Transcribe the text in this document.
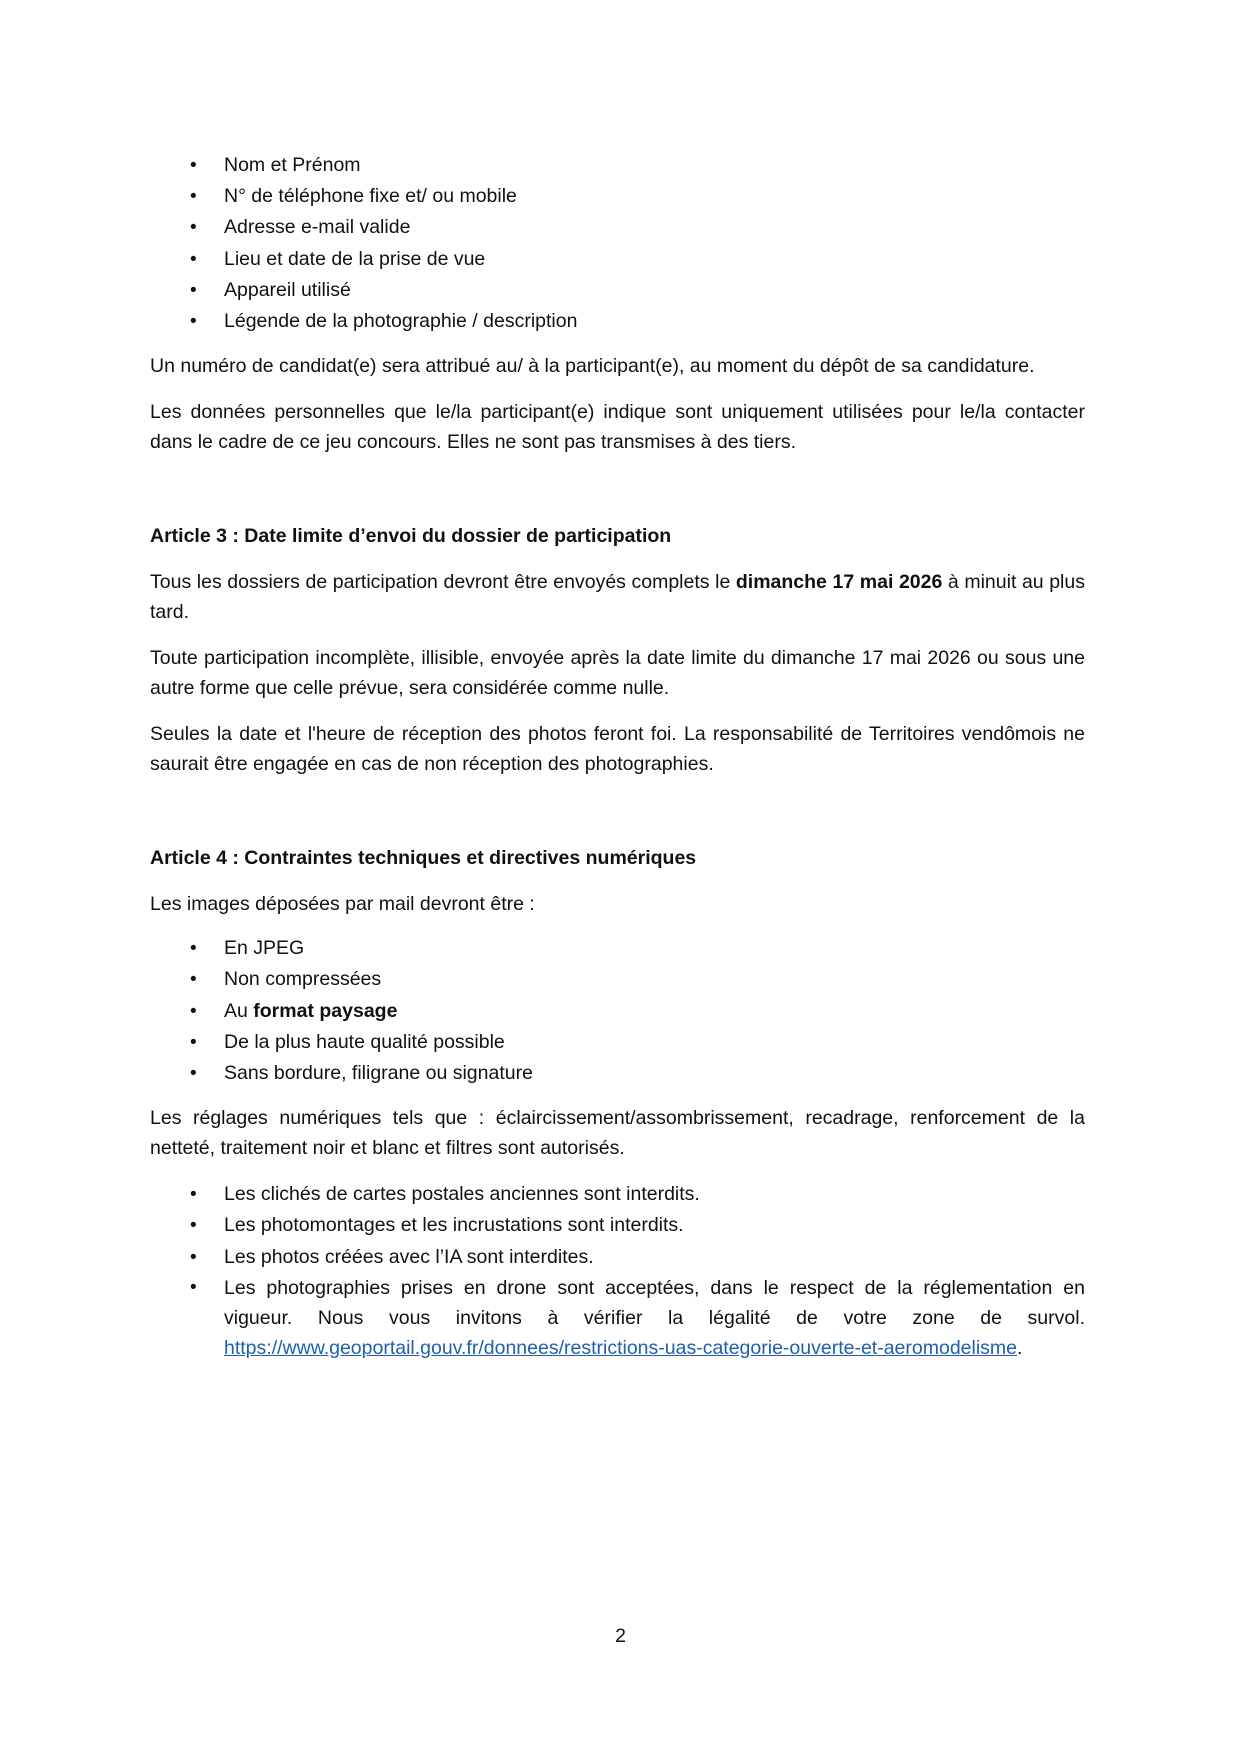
• Nom et Prénom
• N° de téléphone fixe et/ ou mobile
• Adresse e-mail valide
• Lieu et date de la prise de vue
• Appareil utilisé
• Légende de la photographie / description

Un numéro de candidat(e) sera attribué au/ à la participant(e), au moment du dépôt de sa candidature.

Les données personnelles que le/la participant(e) indique sont uniquement utilisées pour le/la contacter dans le cadre de ce jeu concours. Elles ne sont pas transmises à des tiers.

Article 3 : Date limite d’envoi du dossier de participation

Tous les dossiers de participation devront être envoyés complets le dimanche 17 mai 2026 à minuit au plus tard.

Toute participation incomplète, illisible, envoyée après la date limite du dimanche 17 mai 2026 ou sous une autre forme que celle prévue, sera considérée comme nulle.

Seules la date et l'heure de réception des photos feront foi. La responsabilité de Territoires vendômois ne saurait être engagée en cas de non réception des photographies.

Article 4 : Contraintes techniques et directives numériques

Les images déposées par mail devront être :

• En JPEG
• Non compressées
• Au format paysage
• De la plus haute qualité possible
• Sans bordure, filigrane ou signature

Les réglages numériques tels que : éclaircissement/assombrissement, recadrage, renforcement de la netteté, traitement noir et blanc et filtres sont autorisés.

• Les clichés de cartes postales anciennes sont interdits.
• Les photomontages et les incrustations sont interdits.
• Les photos créées avec l’IA sont interdites.
• Les photographies prises en drone sont acceptées, dans le respect de la réglementation en vigueur. Nous vous invitons à vérifier la légalité de votre zone de survol. https://www.geoportail.gouv.fr/donnees/restrictions-uas-categorie-ouverte-et-aeromodelisme.
2
